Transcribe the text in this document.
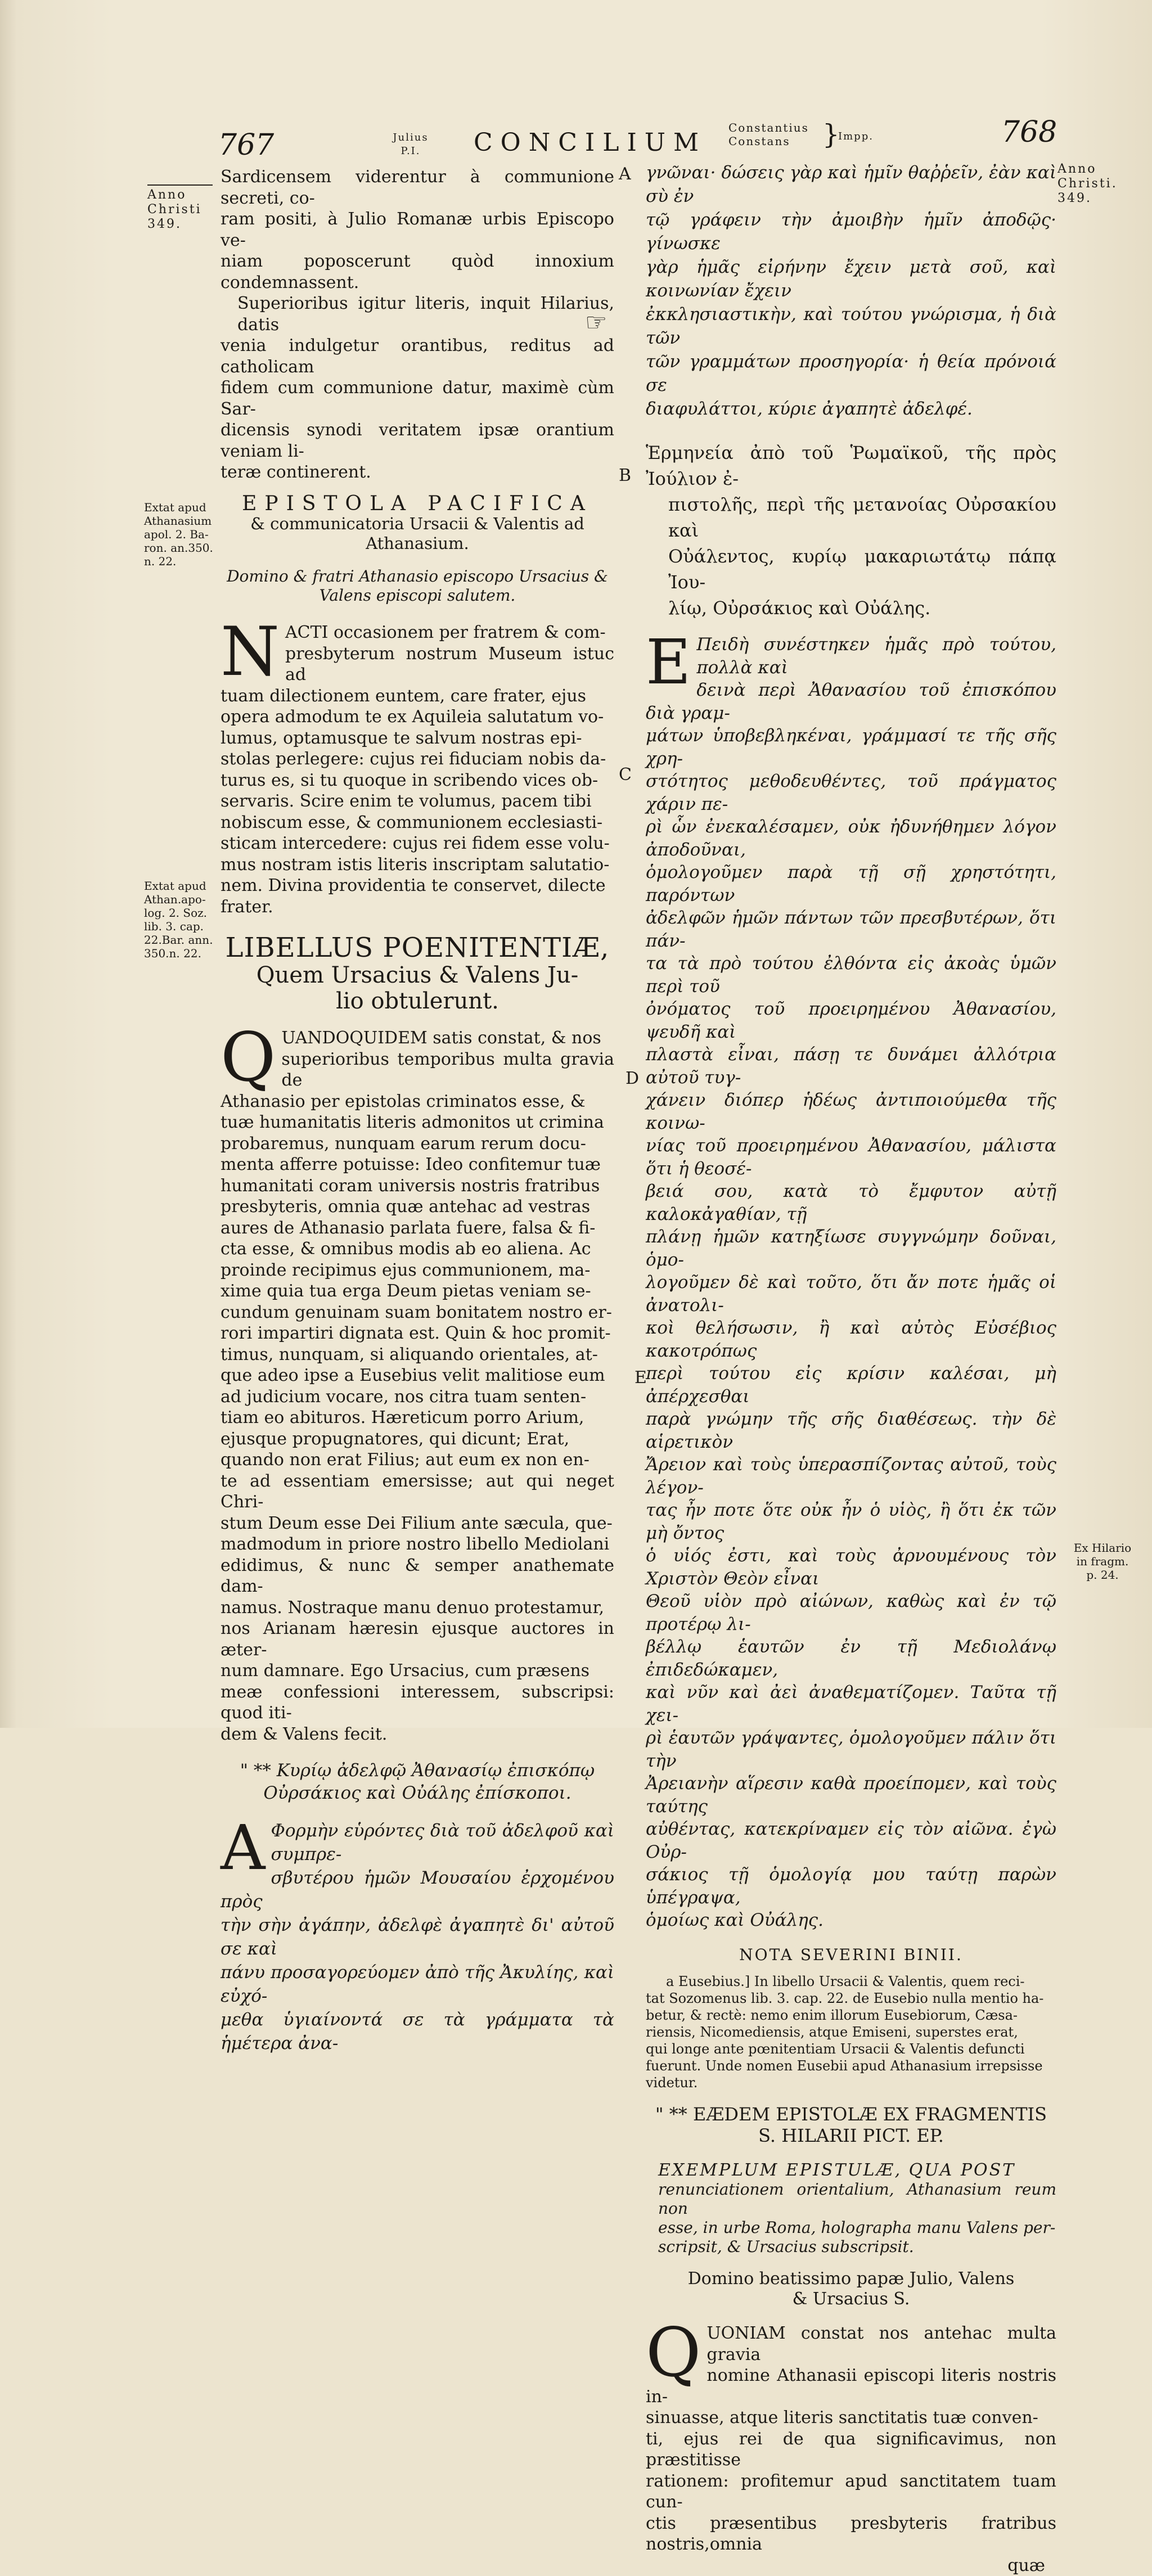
767	Julius
P.I.	CONCILIUM
Constantius
Constans	}
Impp.	768
Anno
Christi
349.
Extat apud
Athanasium
apol. 2. Ba-
ron. an.350.
n. 22.
Extat apud
Athan.apo-
log. 2. Soz.
lib. 3. cap.
22.Bar. ann.
350.n. 22.
Anno
Christi.
349.
Ex Hilario
in fragm.
p. 24.
A
B
C
D
E
Sardicensem viderentur à communione secreti, co-
ram positi, à Julio Romanæ urbis Episcopo ve-
niam poposcerunt quòd innoxium condemnassent.
Superioribus igitur literis, inquit Hilarius, datis
venia indulgetur orantibus, reditus ad catholicam
fidem cum communione datur, maximè cùm Sar-
dicensis synodi veritatem ipsæ orantium veniam li-
teræ continerent.
EPISTOLA PACIFICA
& communicatoria Ursacii & Valentis ad
Athanasium.
Domino & fratri Athanasio episcopo Ursacius &
Valens episcopi salutem.
N ACTI occasionem per fratrem & com-
presbyterum nostrum Museum istuc ad
tuam dilectionem euntem, care frater, ejus
opera admodum te ex Aquileia salutatum vo-
lumus, optamusque te salvum nostras epi-
stolas perlegere: cujus rei fiduciam nobis da-
turus es, si tu quoque in scribendo vices ob-
servaris. Scire enim te volumus, pacem tibi
nobiscum esse, & communionem ecclesiasti-
sticam intercedere: cujus rei fidem esse volu-
mus nostram istis literis inscriptam salutatio-
nem. Divina providentia te conservet, dilecte
frater.
LIBELLUS POENITENTIÆ,
Quem Ursacius & Valens Ju-
lio obtulerunt.
Q UANDOQUIDEM satis constat, & nos
superioribus temporibus multa gravia de
Athanasio per epistolas criminatos esse, &
tuæ humanitatis literis admonitos ut crimina
probaremus, nunquam earum rerum docu-
menta afferre potuisse: Ideo confitemur tuæ
humanitati coram universis nostris fratribus
presbyteris, omnia quæ antehac ad vestras
aures de Athanasio parlata fuere, falsa & fi-
cta esse, & omnibus modis ab eo aliena. Ac
proinde recipimus ejus communionem, ma-
xime quia tua erga Deum pietas veniam se-
cundum genuinam suam bonitatem nostro er-
rori impartiri dignata est. Quin & hoc promit-
timus, nunquam, si aliquando orientales, at-
que adeo ipse a Eusebius velit malitiose eum
ad judicium vocare, nos citra tuam senten-
tiam eo abituros. Hæreticum porro Arium,
ejusque propugnatores, qui dicunt; Erat,
quando non erat Filius; aut eum ex non en-
te ad essentiam emersisse; aut qui neget Chri-
stum Deum esse Dei Filium ante sæcula, que-
madmodum in priore nostro libello Mediolani
edidimus, & nunc & semper anathemate dam-
namus. Nostraque manu denuo protestamur,
nos Arianam hæresin ejusque auctores in æter-
num damnare. Ego Ursacius, cum præsens
meæ confessioni interessem, subscripsi: quod iti-
dem & Valens fecit.
" ** Κυρίῳ ἀδελφῷ Ἀθανασίῳ ἐπισκόπῳ
Οὐρσάκιος καὶ Οὐάλης ἐπίσκοποι.
A Φορμὴν εὑρόντες διὰ τοῦ ἀδελφοῦ καὶ συμπρε-
σβυτέρου ἡμῶν Μουσαίου ἐρχομένου πρὸς
τὴν σὴν ἀγάπην, ἀδελφὲ ἀγαπητὲ δι' αὐτοῦ σε καὶ
πάνυ προσαγορεύομεν ἀπὸ τῆς Ἀκυλίης, καὶ εὐχό-
μεθα ὑγιαίνοντά σε τὰ γράμματα τὰ ἡμέτερα ἀνα-
☞
γνῶναι· δώσεις γὰρ καὶ ἡμῖν θαῤῥεῖν, ἐὰν καὶ σὺ ἐν
τῷ γράφειν τὴν ἀμοιβὴν ἡμῖν ἀποδῷς· γίνωσκε
γὰρ ἡμᾶς εἰρήνην ἔχειν μετὰ σοῦ, καὶ κοινωνίαν ἔχειν
ἐκκλησιαστικὴν, καὶ τούτου γνώρισμα, ἡ διὰ τῶν
τῶν γραμμάτων προσηγορία· ἡ θεία πρόνοιά σε
διαφυλάττοι, κύριε ἀγαπητὲ ἀδελφέ.
Ἑρμηνεία ἀπὸ τοῦ Ῥωμαϊκοῦ, τῆς πρὸς Ἰούλιον ἐ-
πιστολῆς, περὶ τῆς μετανοίας Οὐρσακίου καὶ
Οὐάλεντος, κυρίῳ μακαριωτάτῳ πάπᾳ Ἰου-
λίῳ, Οὐρσάκιος καὶ Οὐάλης.
E Πειδὴ συνέστηκεν ἡμᾶς πρὸ τούτου, πολλὰ καὶ
δεινὰ περὶ Ἀθανασίου τοῦ ἐπισκόπου διὰ γραμ-
μάτων ὑποβεβληκέναι, γράμμασί τε τῆς σῆς χρη-
στότητος μεθοδευθέντες, τοῦ πράγματος χάριν πε-
ρὶ ὧν ἐνεκαλέσαμεν, οὐκ ἠδυνήθημεν λόγον ἀποδοῦναι,
ὁμολογοῦμεν παρὰ τῇ σῇ χρηστότητι, παρόντων
ἀδελφῶν ἡμῶν πάντων τῶν πρεσβυτέρων, ὅτι πάν-
τα τὰ πρὸ τούτου ἐλθόντα εἰς ἀκοὰς ὑμῶν περὶ τοῦ
ὀνόματος τοῦ προειρημένου Ἀθανασίου, ψευδῆ καὶ
πλαστὰ εἶναι, πάσῃ τε δυνάμει ἀλλότρια αὐτοῦ τυγ-
χάνειν διόπερ ἡδέως ἀντιποιούμεθα τῆς κοινω-
νίας τοῦ προειρημένου Ἀθανασίου, μάλιστα ὅτι ἡ θεοσέ-
βειά σου, κατὰ τὸ ἔμφυτον αὐτῇ καλοκἀγαθίαν, τῇ
πλάνῃ ἡμῶν κατηξίωσε συγγνώμην δοῦναι, ὁμο-
λογοῦμεν δὲ καὶ τοῦτο, ὅτι ἄν ποτε ἡμᾶς οἱ ἀνατολι-
κοὶ θελήσωσιν, ἢ καὶ αὐτὸς Εὐσέβιος κακοτρόπως
περὶ τούτου εἰς κρίσιν καλέσαι, μὴ ἀπέρχεσθαι
παρὰ γνώμην τῆς σῆς διαθέσεως. τὴν δὲ αἱρετικὸν
Ἄρειον καὶ τοὺς ὑπερασπίζοντας αὐτοῦ, τοὺς λέγον-
τας ἦν ποτε ὅτε οὐκ ἦν ὁ υἱὸς, ἢ ὅτι ἐκ τῶν μὴ ὄντος
ὁ υἱός ἐστι, καὶ τοὺς ἀρνουμένους τὸν Χριστὸν Θεὸν εἶναι
Θεοῦ υἱὸν πρὸ αἰώνων, καθὼς καὶ ἐν τῷ προτέρῳ λι-
βέλλῳ ἑαυτῶν ἐν τῇ Μεδιολάνῳ ἐπιδεδώκαμεν,
καὶ νῦν καὶ ἀεὶ ἀναθεματίζομεν. Ταῦτα τῇ χει-
ρὶ ἑαυτῶν γράψαντες, ὁμολογοῦμεν πάλιν ὅτι τὴν
Ἀρειανὴν αἵρεσιν καθὰ προείπομεν, καὶ τοὺς ταύτης
αὐθέντας, κατεκρίναμεν εἰς τὸν αἰῶνα. ἐγὼ Οὐρ-
σάκιος τῇ ὁμολογίᾳ μου ταύτῃ παρὼν ὑπέγραψα,
ὁμοίως καὶ Οὐάλης.
NOTA SEVERINI BINII.
a Eusebius.] In libello Ursacii & Valentis, quem reci-
tat Sozomenus lib. 3. cap. 22. de Eusebio nulla mentio ha-
betur, & rectè: nemo enim illorum Eusebiorum, Cæsa-
riensis, Nicomediensis, atque Emiseni, superstes erat,
qui longe ante pœnitentiam Ursacii & Valentis defuncti
fuerunt. Unde nomen Eusebii apud Athanasium irrepsisse
videtur.
" ** EÆDEM EPISTOLÆ EX FRAGMENTIS
S. HILARII PICT. EP.
EXEMPLUM EPISTULÆ, QUA POST
renunciationem orientalium, Athanasium reum non
esse, in urbe Roma, holographa manu Valens per-
scripsit, & Ursacius subscripsit.
Domino beatissimo papæ Julio, Valens
& Ursacius S.
Q UONIAM constat nos antehac multa gravia
nomine Athanasii episcopi literis nostris in-
sinuasse, atque literis sanctitatis tuæ conven-
ti, ejus rei de qua significavimus, non præstitisse
rationem: profitemur apud sanctitatem tuam cun-
ctis præsentibus presbyteris fratribus nostris,omnia
quæ
